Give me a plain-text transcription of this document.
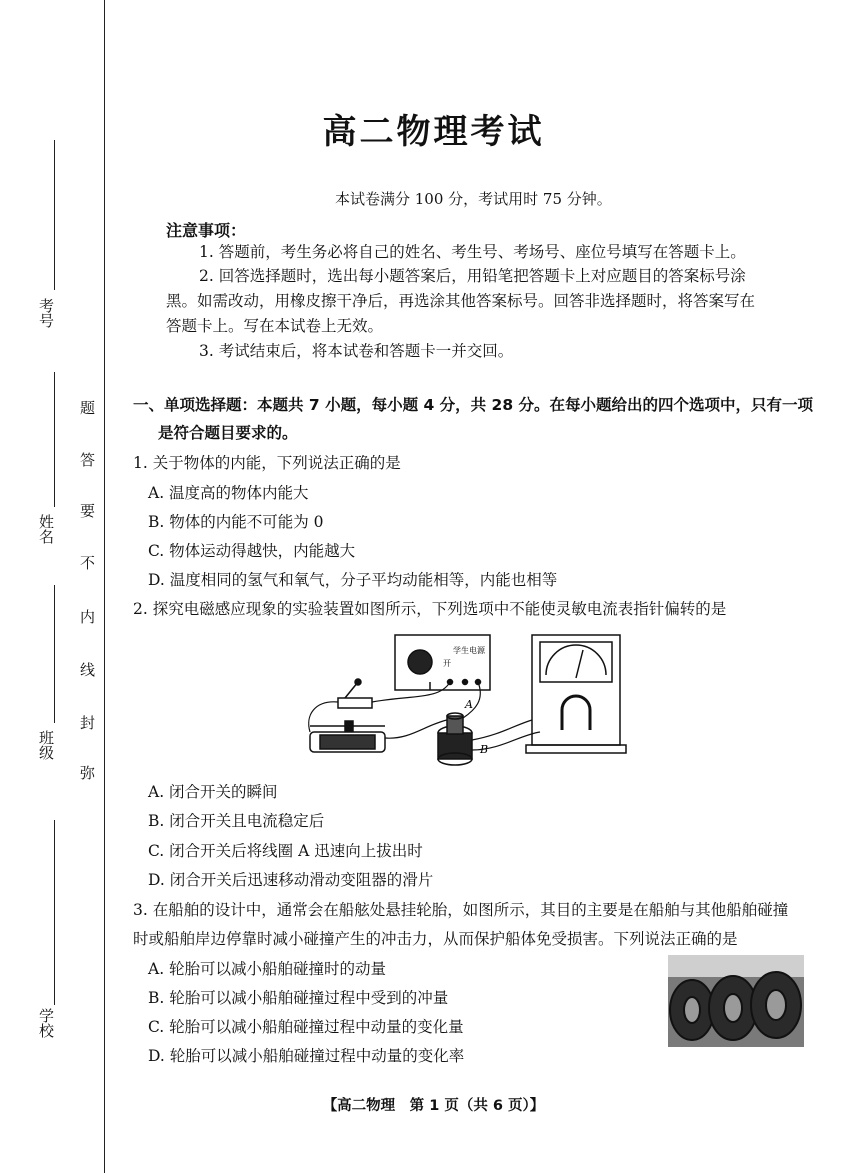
考号
姓名
班级
学校
题
答
要
不
内
线
封
弥
高二物理考试
本试卷满分 100 分，考试用时 75 分钟。
注意事项：
1. 答题前，考生务必将自己的姓名、考生号、考场号、座位号填写在答题卡上。
2. 回答选择题时，选出每小题答案后，用铅笔把答题卡上对应题目的答案标号涂
黑。如需改动，用橡皮擦干净后，再选涂其他答案标号。回答非选择题时，将答案写在
答题卡上。写在本试卷上无效。
3. 考试结束后，将本试卷和答题卡一并交回。
一、单项选择题：本题共 7 小题，每小题 4 分，共 28 分。在每小题给出的四个选项中，只有一项
是符合题目要求的。
1. 关于物体的内能，下列说法正确的是
A. 温度高的物体内能大
B. 物体的内能不可能为 0
C. 物体运动得越快，内能越大
D. 温度相同的氢气和氧气，分子平均动能相等，内能也相等
2. 探究电磁感应现象的实验装置如图所示，下列选项中不能使灵敏电流表指针偏转的是
学生电源
开
A
B
A. 闭合开关的瞬间
B. 闭合开关且电流稳定后
C. 闭合开关后将线圈 A 迅速向上拔出时
D. 闭合开关后迅速移动滑动变阻器的滑片
3. 在船舶的设计中，通常会在船舷处悬挂轮胎，如图所示，其目的主要是在船舶与其他船舶碰撞
时或船舶岸边停靠时减小碰撞产生的冲击力，从而保护船体免受损害。下列说法正确的是
A. 轮胎可以减小船舶碰撞时的动量
B. 轮胎可以减小船舶碰撞过程中受到的冲量
C. 轮胎可以减小船舶碰撞过程中动量的变化量
D. 轮胎可以减小船舶碰撞过程中动量的变化率
【高二物理　第 1 页（共 6 页）】
